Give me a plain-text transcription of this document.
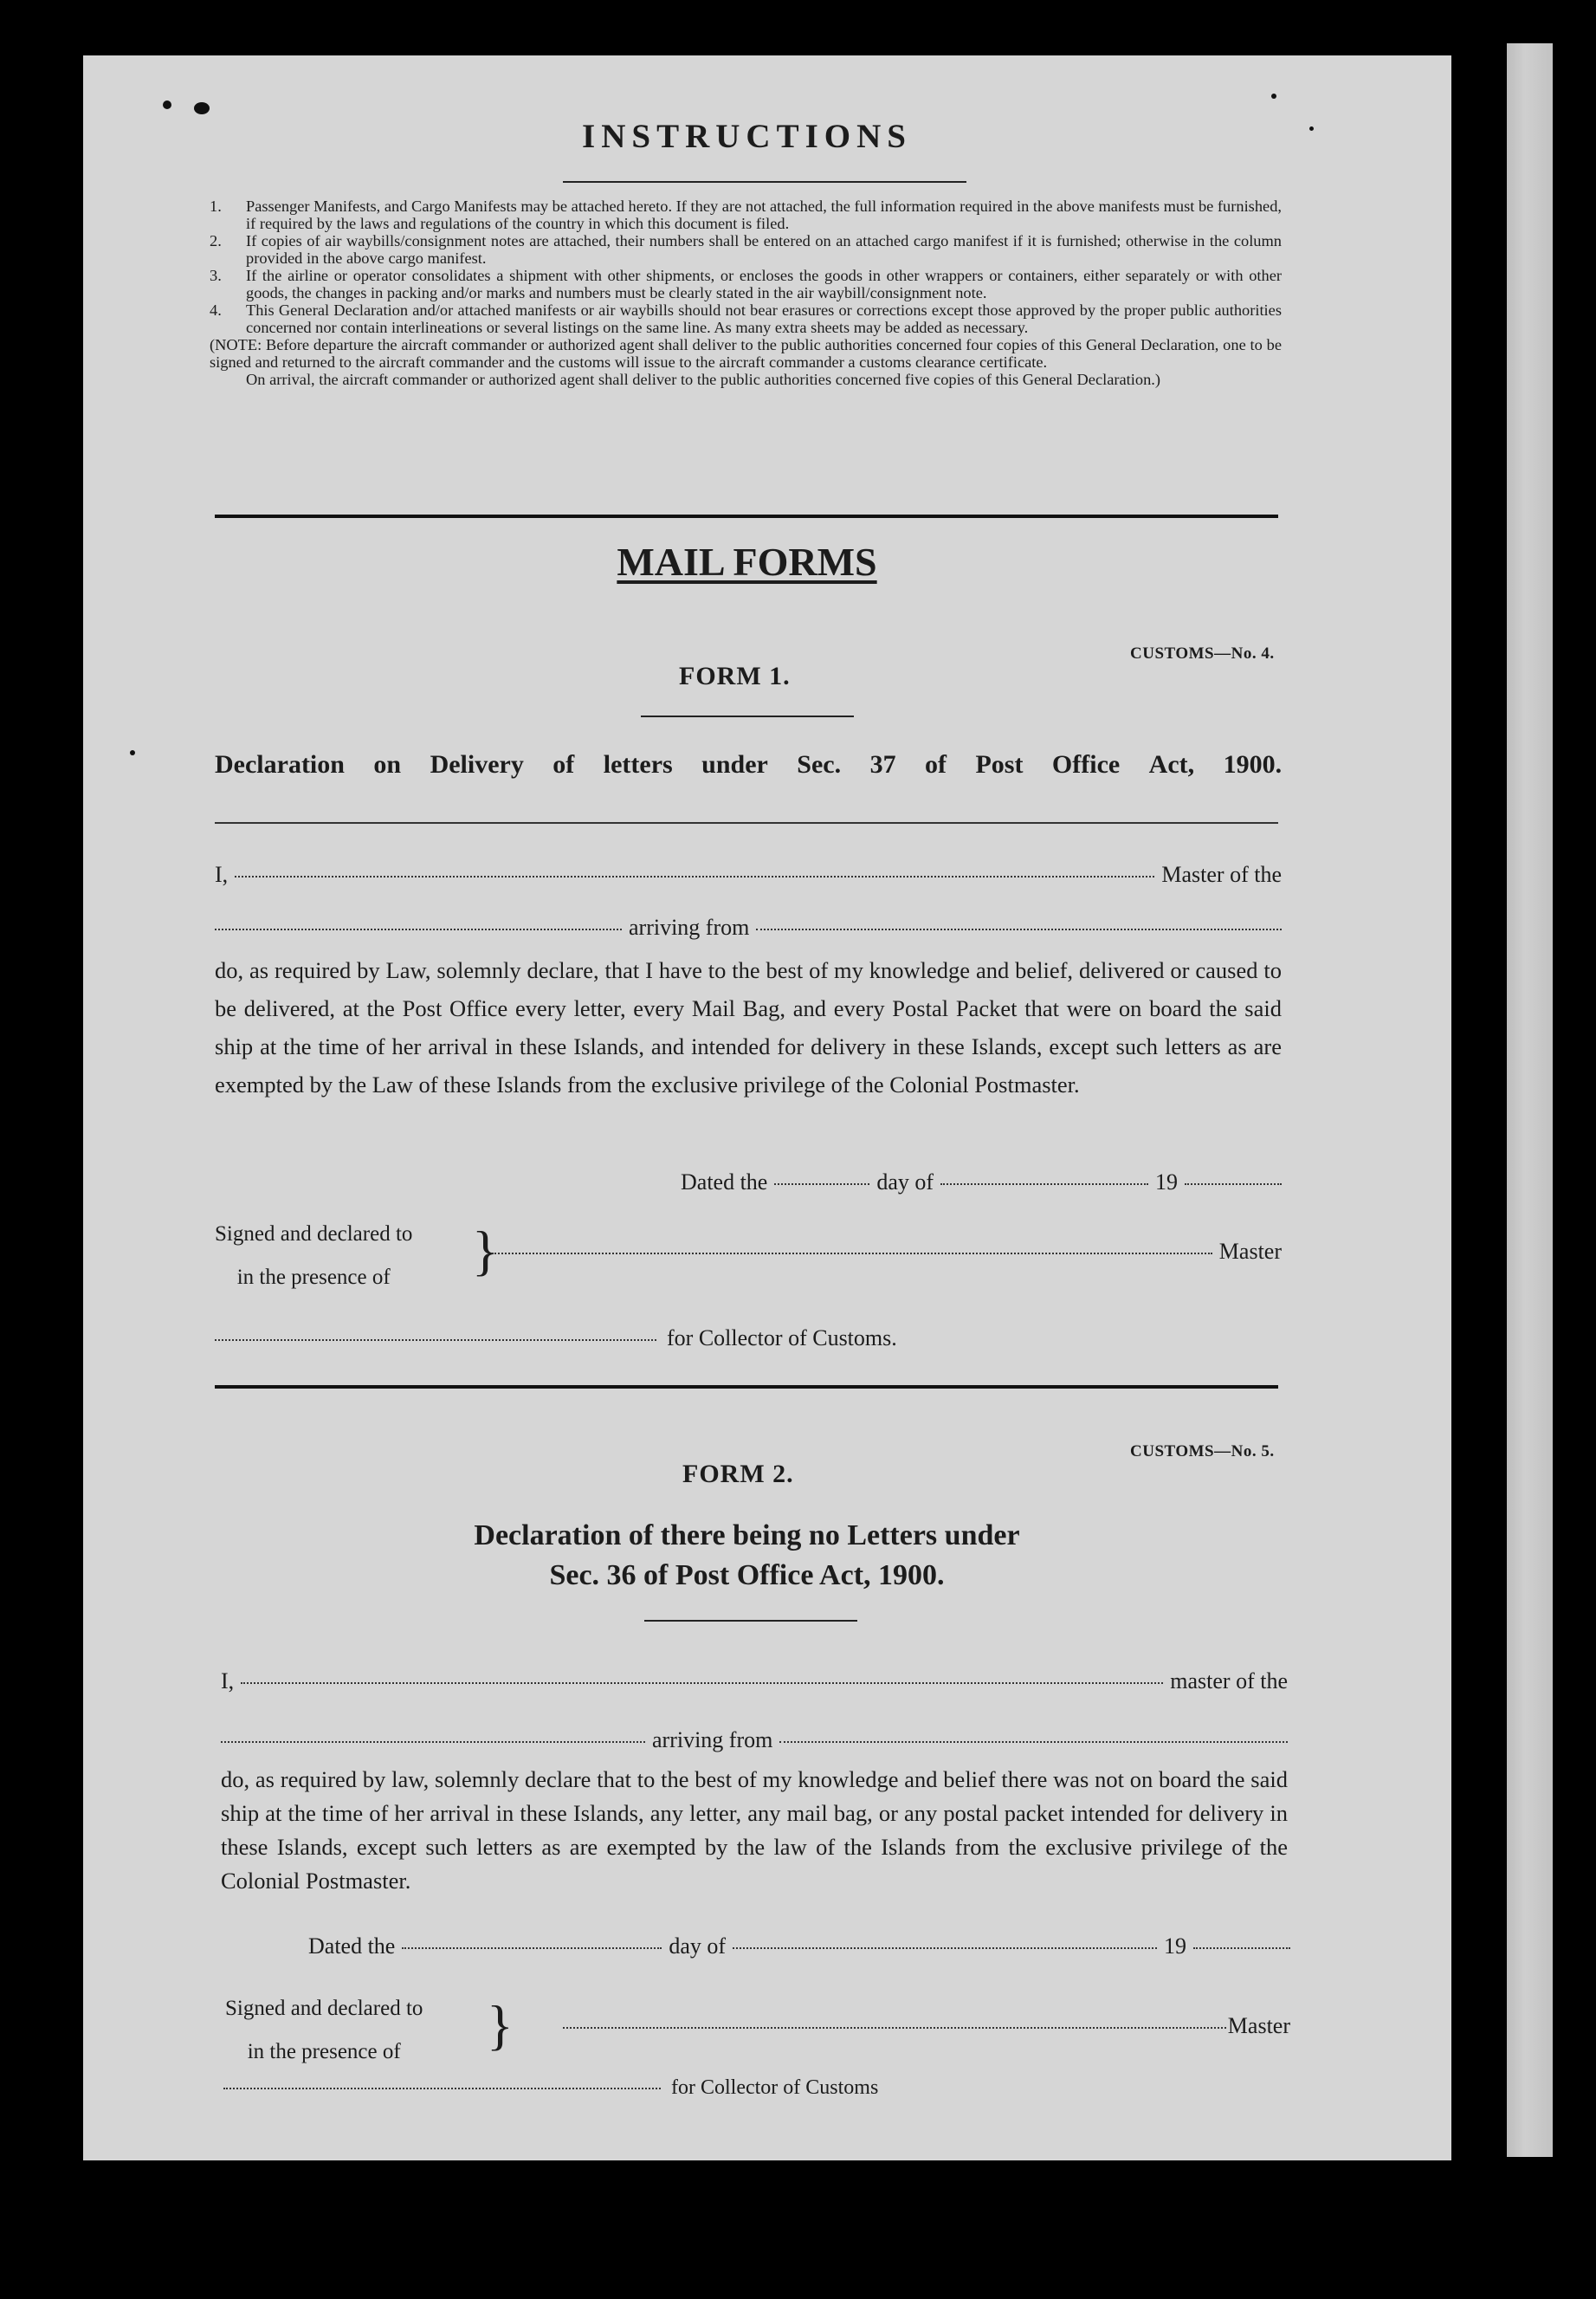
INSTRUCTIONS
1.	Passenger Manifests, and Cargo Manifests may be attached hereto. If they are not attached, the full information required in the above manifests must be furnished, if required by the laws and regulations of the country in which this document is filed.
2.	If copies of air waybills/consignment notes are attached, their numbers shall be entered on an attached cargo manifest if it is furnished; otherwise in the column provided in the above cargo manifest.
3.	If the airline or operator consolidates a shipment with other shipments, or encloses the goods in other wrappers or containers, either separately or with other goods, the changes in packing and/or marks and numbers must be clearly stated in the air waybill/consignment note.
4.	This General Declaration and/or attached manifests or air waybills should not bear erasures or corrections except those approved by the proper public authorities concerned nor contain interlineations or several listings on the same line. As many extra sheets may be added as necessary.
(NOTE: Before departure the aircraft commander or authorized agent shall deliver to the public authorities concerned four copies of this General Declaration, one to be signed and returned to the aircraft commander and the customs will issue to the aircraft commander a customs clearance certificate.
On arrival, the aircraft commander or authorized agent shall deliver to the public authorities concerned five copies of this General Declaration.)
MAIL FORMS
CUSTOMS—No. 4.
FORM 1.
Declaration on Delivery of letters under Sec. 37 of Post Office Act, 1900.
I,	Master of the
arriving from
do, as required by Law, solemnly declare, that I have to the best of my knowledge and belief, delivered or caused to be delivered, at the Post Office every letter, every Mail Bag, and every Postal Packet that were on board the said ship at the time of her arrival in these Islands, and intended for delivery in these Islands, except such letters as are exempted by the Law of these Islands from the exclusive privilege of the Colonial Postmaster.
Dated the	day of	19
Signed and declared to
in the presence of	}	Master
for Collector of Customs.
CUSTOMS—No. 5.
FORM 2.
Declaration of there being no Letters under
Sec. 36 of Post Office Act, 1900.
I,	master of the
arriving from
do, as required by law, solemnly declare that to the best of my knowledge and belief there was not on board the said ship at the time of her arrival in these Islands, any letter, any mail bag, or any postal packet intended for delivery in these Islands, except such letters as are exempted by the law of the Islands from the exclusive privilege of the Colonial Postmaster.
Dated the	day of	19
Signed and declared to
in the presence of	}	Master
for Collector of Customs
